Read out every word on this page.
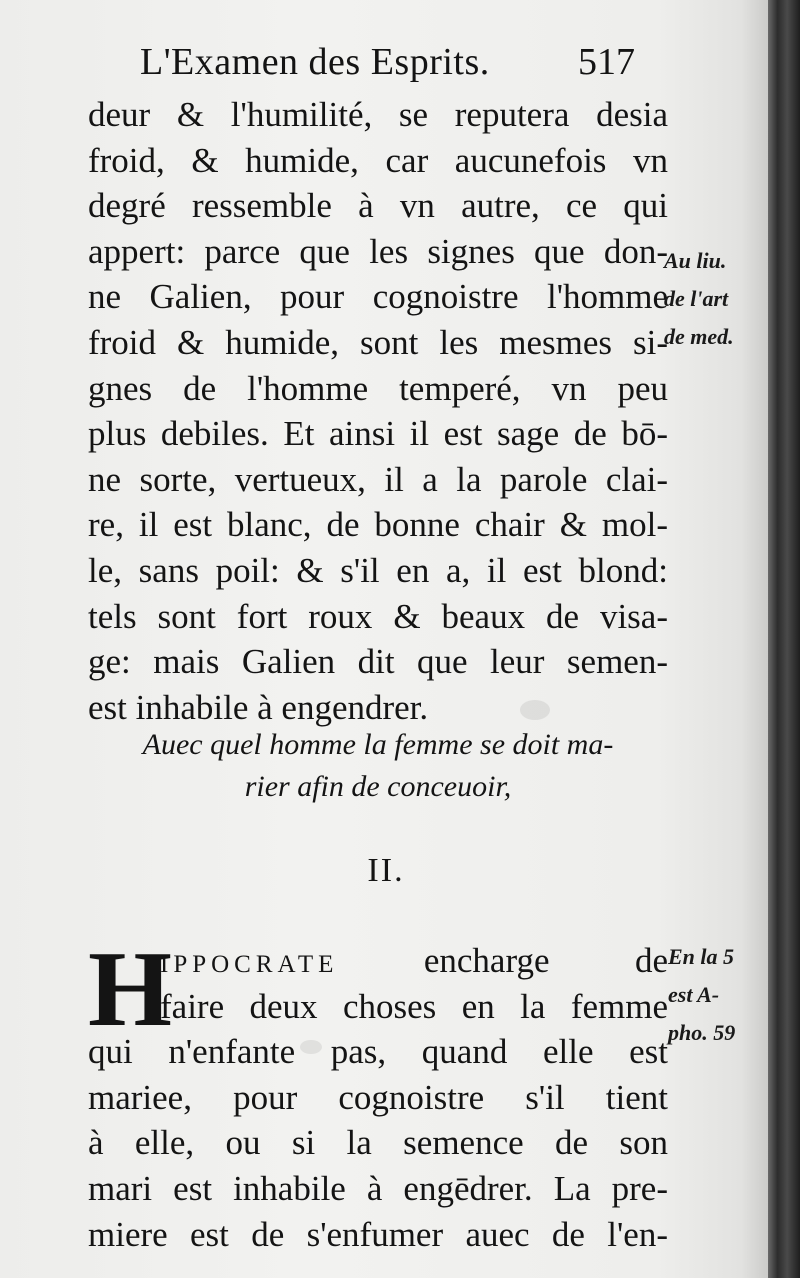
L'Examen des Esprits. 517
deur & l'humilité, se reputera desia
froid, & humide, car aucunefois vn
degré ressemble à vn autre, ce qui
appert: parce que les signes que don-
ne Galien, pour cognoistre l'homme
froid & humide, sont les mesmes si-
gnes de l'homme temperé, vn peu
plus debiles. Et ainsi il est sage de bō-
ne sorte, vertueux, il a la parole clai-
re, il est blanc, de bonne chair & mol-
le, sans poil: & s'il en a, il est blond:
tels sont fort roux & beaux de visa-
ge: mais Galien dit que leur semen-
est inhabile à engendrer.
Au liu.
de l'art
de med.
Auec quel homme la femme se doit ma-
rier afin de conceuoir,
II.
H
IPPOCRATE encharge de
faire deux choses en la femme
qui n'enfante pas, quand elle est
mariee, pour cognoistre s'il tient
à elle, ou si la semence de son
mari est inhabile à engēdrer. La pre-
miere est de s'enfumer auec de l'en-
En la 5
est A-
pho. 59
